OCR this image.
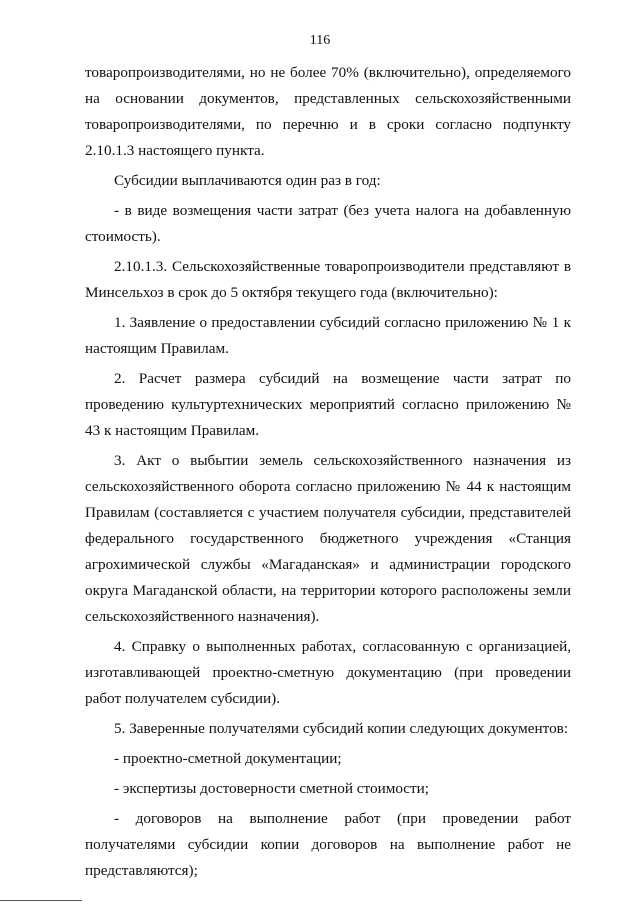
116

товаропроизводителями, но не более 70% (включительно), определяемого на основании документов, представленных сельскохозяйственными товаропроизводителями, по перечню и в сроки согласно подпункту 2.10.1.3 настоящего пункта.

Субсидии выплачиваются один раз в год:

- в виде возмещения части затрат (без учета налога на добавленную стоимость).

2.10.1.3. Сельскохозяйственные товаропроизводители представляют в Минсельхоз в срок до 5 октября текущего года (включительно):

1. Заявление о предоставлении субсидий согласно приложению № 1 к настоящим Правилам.

2. Расчет размера субсидий на возмещение части затрат по проведению культуртехнических мероприятий согласно приложению № 43 к настоящим Правилам.

3. Акт о выбытии земель сельскохозяйственного назначения из сельскохозяйственного оборота согласно приложению № 44 к настоящим Правилам (составляется с участием получателя субсидии, представителей федерального государственного бюджетного учреждения «Станция агрохимической службы «Магаданская» и администрации городского округа Магаданской области, на территории которого расположены земли сельскохозяйственного назначения).

4. Справку о выполненных работах, согласованную с организацией, изготавливающей проектно-сметную документацию (при проведении работ получателем субсидии).

5. Заверенные получателями субсидий копии следующих документов:

- проектно-сметной документации;

- экспертизы достоверности сметной стоимости;

- договоров на выполнение работ (при проведении работ получателями субсидии копии договоров на выполнение работ не представляются);
